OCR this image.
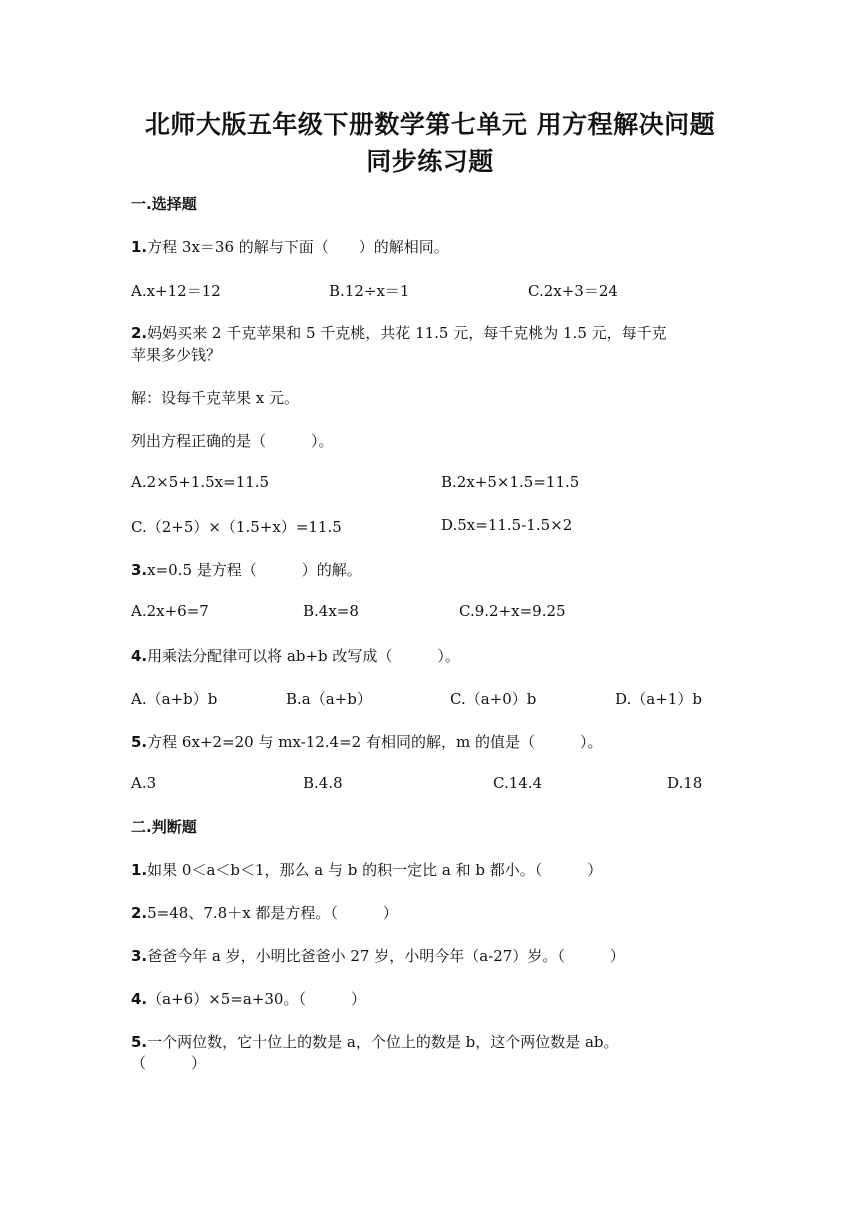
北师大版五年级下册数学第七单元 用方程解决问题
同步练习题
一.选择题
1.方程 3x＝36 的解与下面（　　）的解相同。
A.x+12＝12	B.12÷x＝1	C.2x+3＝24
2.妈妈买来 2 千克苹果和 5 千克桃，共花 11.5 元，每千克桃为 1.5 元，每千克
苹果多少钱？
解：设每千克苹果 x 元。
列出方程正确的是（　　　）。
A.2×5+1.5x=11.5	B.2x+5×1.5=11.5
C.（2+5）×（1.5+x）=11.5	D.5x=11.5-1.5×2
3.x=0.5 是方程（　　　）的解。
A.2x+6=7	B.4x=8	C.9.2+x=9.25
4.用乘法分配律可以将 ab+b 改写成（　　　）。
A.（a+b）b	B.a（a+b）	C.（a+0）b	D.（a+1）b
5.方程 6x+2=20 与 mx-12.4=2 有相同的解，m 的值是（　　　）。
A.3	B.4.8	C.14.4	D.18
二.判断题
1.如果 0＜a＜b＜1，那么 a 与 b 的积一定比 a 和 b 都小。（　　　）
2.5=48、7.8＋x 都是方程。（　　　）
3.爸爸今年 a 岁，小明比爸爸小 27 岁，小明今年（a-27）岁。（　　　）
4.（a+6）×5=a+30。（　　　）
5.一个两位数，它十位上的数是 a，个位上的数是 b，这个两位数是 ab。
（　　　）
